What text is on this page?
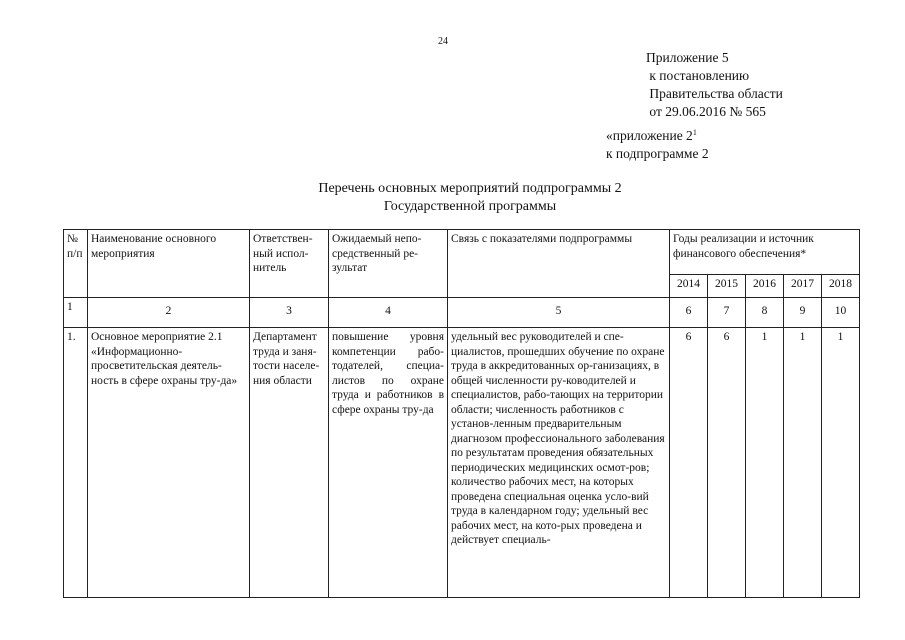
24
Приложение 5
к постановлению
Правительства области
от 29.06.2016 № 565
«приложение $2^1$
к подпрограмме 2
Перечень основных мероприятий подпрограммы 2
Государственной программы
№ п/п	Наименование основного мероприятия	Ответствен-ный испол-нитель	Ожидаемый непо-средственный ре-зультат	Связь с показателями подпрограммы	Годы реализации и источник финансового обеспечения*				
					2014	2015	2016	2017	2018
1	2	3	4	5	6	7	8	9	10
1.	Основное мероприятие 2.1 «Информационно-просветительская деятель-ность в сфере охраны тру-да»	Департамент труда и заня-тости населе-ния области	повышение уровня компетенции рабо-тодателей, специа-листов по охране труда и работников в сфере охраны тру-да	удельный вес руководителей и спе-циалистов, прошедших обучение по охране труда в аккредитованных ор-ганизациях, в общей численности ру-ководителей и специалистов, рабо-тающих на территории области; численность работников с установ-ленным предварительным диагнозом профессионального заболевания по результатам проведения обязательных периодических медицинских осмот-ров; количество рабочих мест, на которых проведена специальная оценка усло-вий труда в календарном году; удельный вес рабочих мест, на кото-рых проведена и действует специаль-	6	6	1	1	1
